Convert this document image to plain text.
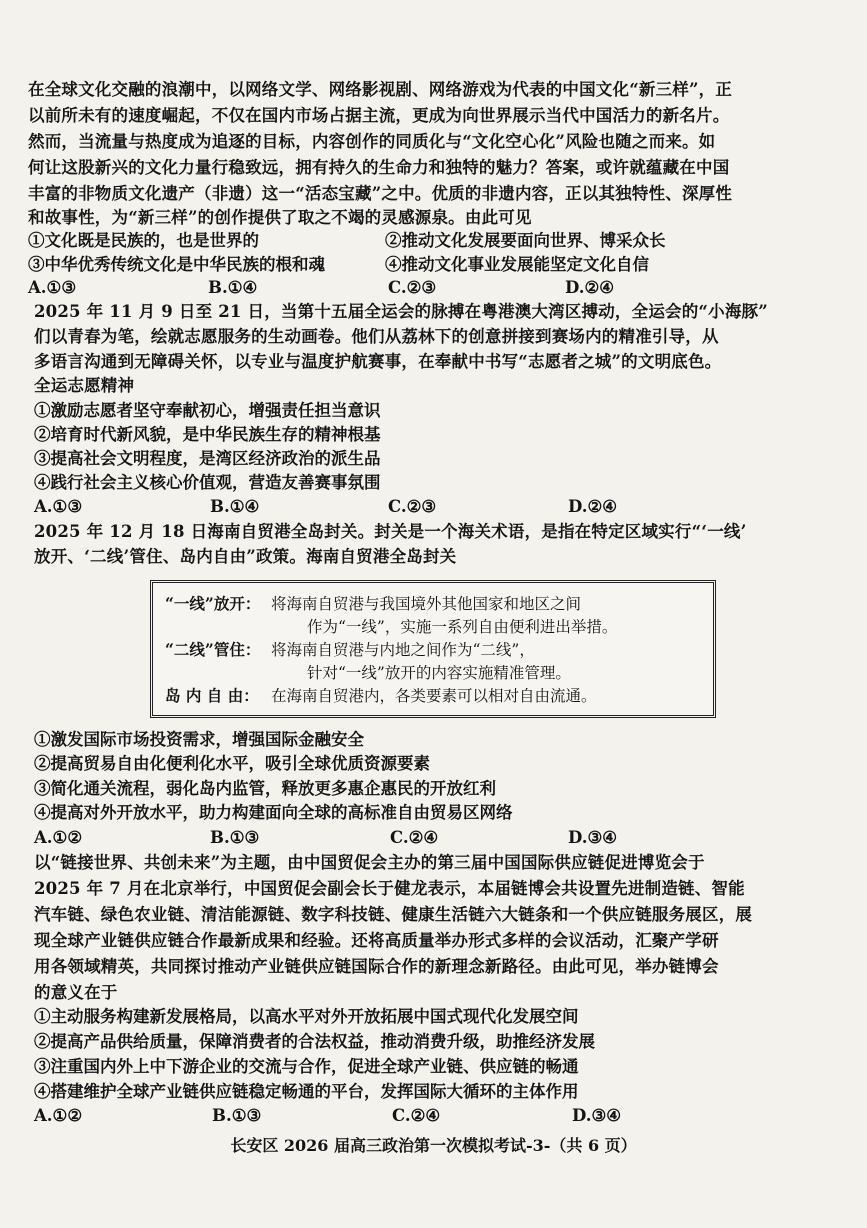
在全球文化交融的浪潮中，以网络文学、网络影视剧、网络游戏为代表的中国文化“新三样”，正
以前所未有的速度崛起，不仅在国内市场占据主流，更成为向世界展示当代中国活力的新名片。
然而，当流量与热度成为追逐的目标，内容创作的同质化与“文化空心化”风险也随之而来。如
何让这股新兴的文化力量行稳致远，拥有持久的生命力和独特的魅力？答案，或许就蕴藏在中国
丰富的非物质文化遗产（非遗）这一“活态宝藏”之中。优质的非遗内容，正以其独特性、深厚性
和故事性，为“新三样”的创作提供了取之不竭的灵感源泉。由此可见
①文化既是民族的，也是世界的	②推动文化发展要面向世界、博采众长
③中华优秀传统文化是中华民族的根和魂	④推动文化事业发展能坚定文化自信
A.①③	B.①④	C.②③	D.②④
2025 年 11 月 9 日至 21 日，当第十五届全运会的脉搏在粤港澳大湾区搏动，全运会的“小海豚”
们以青春为笔，绘就志愿服务的生动画卷。他们从荔林下的创意拼接到赛场内的精准引导，从
多语言沟通到无障碍关怀，以专业与温度护航赛事，在奉献中书写“志愿者之城”的文明底色。
全运志愿精神
①激励志愿者坚守奉献初心，增强责任担当意识
②培育时代新风貌，是中华民族生存的精神根基
③提高社会文明程度，是湾区经济政治的派生品
④践行社会主义核心价值观，营造友善赛事氛围
A.①③	B.①④	C.②③	D.②④
2025 年 12 月 18 日海南自贸港全岛封关。封关是一个海关术语，是指在特定区域实行“‘一线’
放开、‘二线’管住、岛内自由”政策。海南自贸港全岛封关
“一线”放开： 将海南自贸港与我国境外其他国家和地区之间
作为“一线”，实施一系列自由便利进出举措。
“二线”管住： 将海南自贸港与内地之间作为“二线”，
针对“一线”放开的内容实施精准管理。
岛 内 自 由： 在海南自贸港内，各类要素可以相对自由流通。
①激发国际市场投资需求，增强国际金融安全
②提高贸易自由化便利化水平，吸引全球优质资源要素
③简化通关流程，弱化岛内监管，释放更多惠企惠民的开放红利
④提高对外开放水平，助力构建面向全球的高标准自由贸易区网络
A.①②	B.①③	C.②④	D.③④
以“链接世界、共创未来”为主题，由中国贸促会主办的第三届中国国际供应链促进博览会于
2025 年 7 月在北京举行，中国贸促会副会长于健龙表示，本届链博会共设置先进制造链、智能
汽车链、绿色农业链、清洁能源链、数字科技链、健康生活链六大链条和一个供应链服务展区，展
现全球产业链供应链合作最新成果和经验。还将高质量举办形式多样的会议活动，汇聚产学研
用各领域精英，共同探讨推动产业链供应链国际合作的新理念新路径。由此可见，举办链博会
的意义在于
①主动服务构建新发展格局，以高水平对外开放拓展中国式现代化发展空间
②提高产品供给质量，保障消费者的合法权益，推动消费升级，助推经济发展
③注重国内外上中下游企业的交流与合作，促进全球产业链、供应链的畅通
④搭建维护全球产业链供应链稳定畅通的平台，发挥国际大循环的主体作用
A.①②	B.①③	C.②④	D.③④
长安区 2026 届高三政治第一次模拟考试-3-（共 6 页）
